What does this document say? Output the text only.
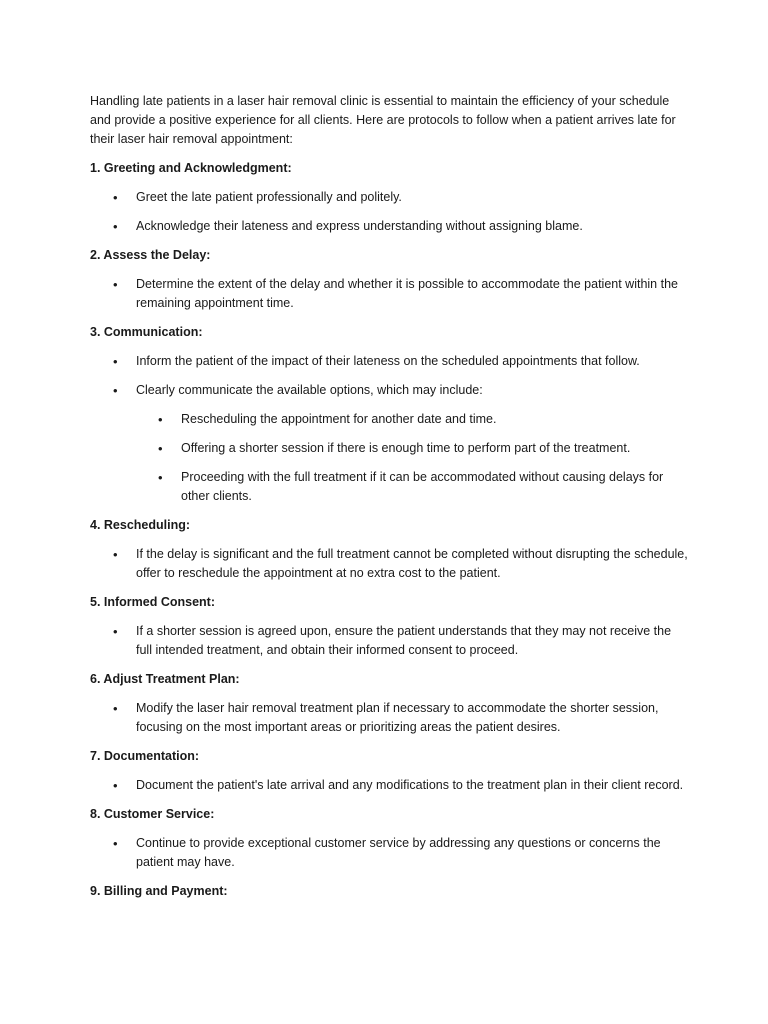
Handling late patients in a laser hair removal clinic is essential to maintain the efficiency of your schedule and provide a positive experience for all clients. Here are protocols to follow when a patient arrives late for their laser hair removal appointment:

1. Greeting and Acknowledgment:

• Greet the late patient professionally and politely.
• Acknowledge their lateness and express understanding without assigning blame.

2. Assess the Delay:

• Determine the extent of the delay and whether it is possible to accommodate the patient within the remaining appointment time.

3. Communication:

• Inform the patient of the impact of their lateness on the scheduled appointments that follow.
• Clearly communicate the available options, which may include:
• Rescheduling the appointment for another date and time.
• Offering a shorter session if there is enough time to perform part of the treatment.
• Proceeding with the full treatment if it can be accommodated without causing delays for other clients.

4. Rescheduling:

• If the delay is significant and the full treatment cannot be completed without disrupting the schedule, offer to reschedule the appointment at no extra cost to the patient.

5. Informed Consent:

• If a shorter session is agreed upon, ensure the patient understands that they may not receive the full intended treatment, and obtain their informed consent to proceed.

6. Adjust Treatment Plan:

• Modify the laser hair removal treatment plan if necessary to accommodate the shorter session, focusing on the most important areas or prioritizing areas the patient desires.

7. Documentation:

• Document the patient's late arrival and any modifications to the treatment plan in their client record.

8. Customer Service:

• Continue to provide exceptional customer service by addressing any questions or concerns the patient may have.

9. Billing and Payment:
